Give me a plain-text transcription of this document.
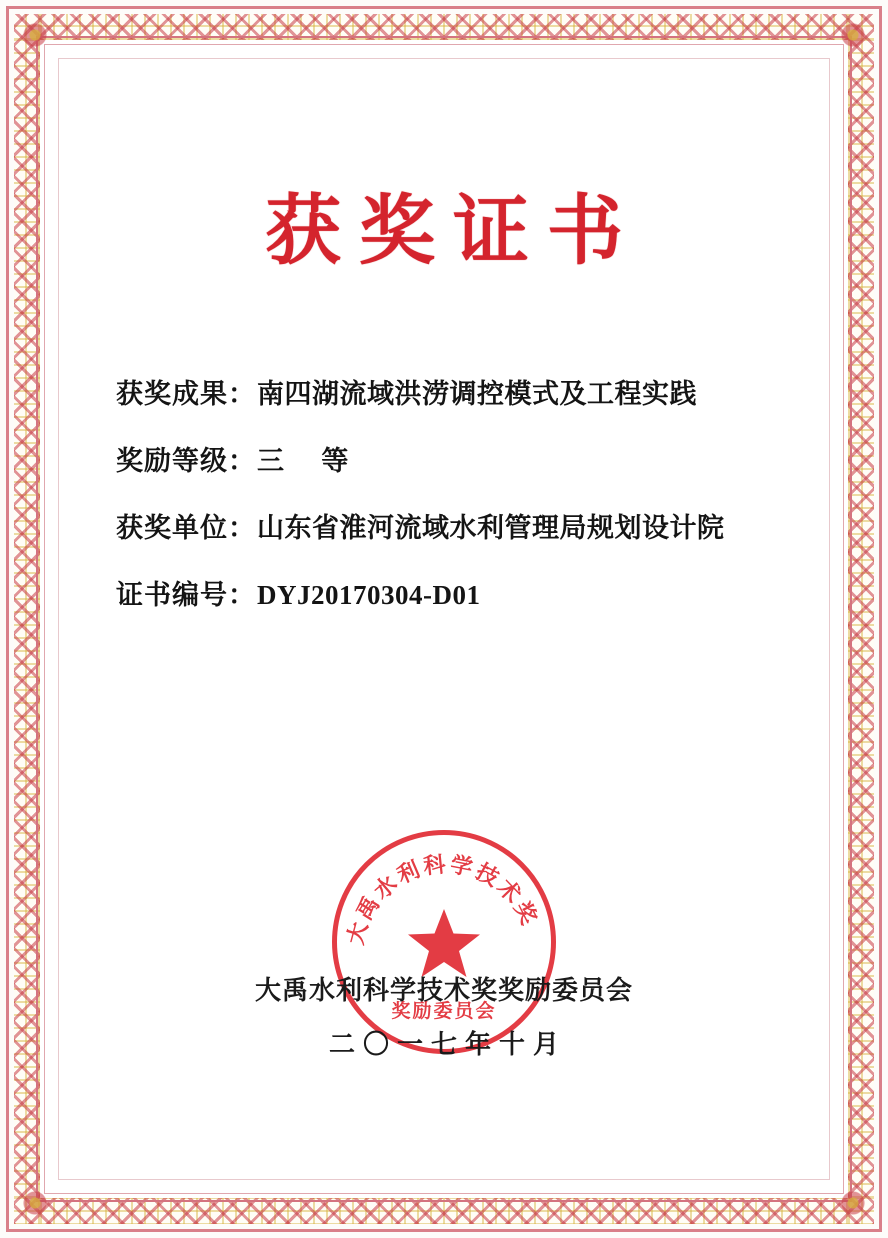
获奖证书
获奖成果 ： 南四湖流域洪涝调控模式及工程实践
奖励等级 ： 三 等
获奖单位 ： 山东省淮河流域水利管理局规划设计院
证书编号 ： DYJ20170304-D01
大禹水利科学技术奖
奖励委员会
大禹水利科学技术奖奖励委员会
二〇一七年十月
